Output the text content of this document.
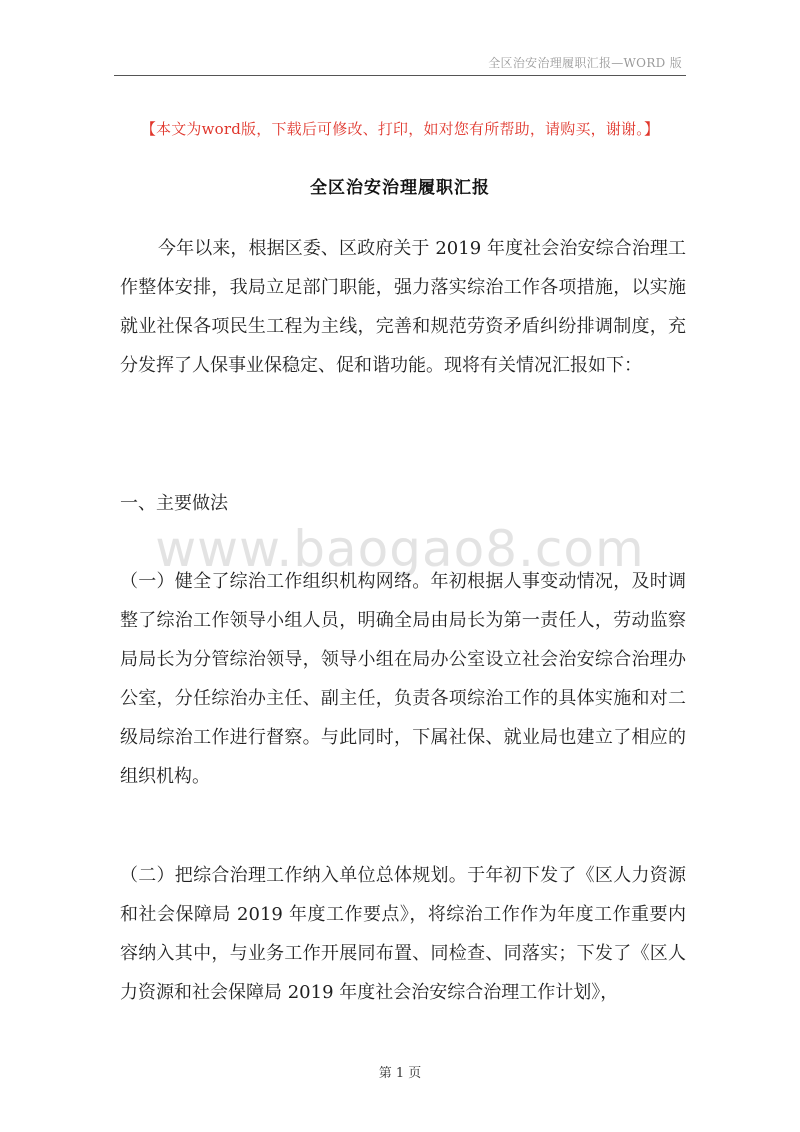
全区治安治理履职汇报—WORD 版
【本文为word版，下载后可修改、打印，如对您有所帮助，请购买，谢谢。】
全区治安治理履职汇报
www.baogao8.com

今年以来，根据区委、区政府关于 2019 年度社会治安综合治理工作整体安排，我局立足部门职能，强力落实综治工作各项措施，以实施就业社保各项民生工程为主线，完善和规范劳资矛盾纠纷排调制度，充分发挥了人保事业保稳定、促和谐功能。现将有关情况汇报如下：

一、主要做法

（一）健全了综治工作组织机构网络。年初根据人事变动情况，及时调整了综治工作领导小组人员，明确全局由局长为第一责任人，劳动监察局局长为分管综治领导，领导小组在局办公室设立社会治安综合治理办公室，分任综治办主任、副主任，负责各项综治工作的具体实施和对二级局综治工作进行督察。与此同时，下属社保、就业局也建立了相应的组织机构。

（二）把综合治理工作纳入单位总体规划。于年初下发了《区人力资源和社会保障局 2019 年度工作要点》，将综治工作作为年度工作重要内容纳入其中，与业务工作开展同布置、同检查、同落实；下发了《区人力资源和社会保障局 2019 年度社会治安综合治理工作计划》，

第 1 页
